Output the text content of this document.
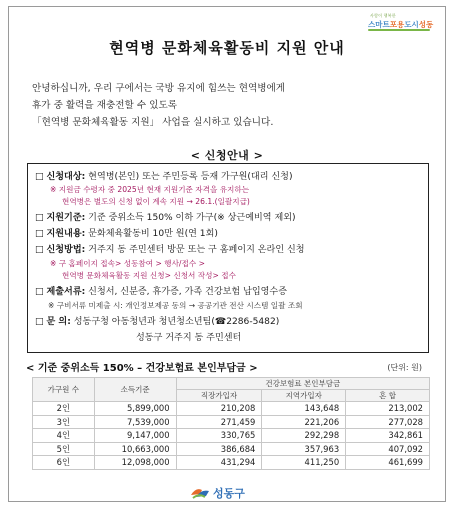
사람이 행복한
스마트포용도시성동
현역병 문화체육활동비 지원 안내

안녕하십니까, 우리 구에서는 국방 유지에 힘쓰는 현역병에게

휴가 중 활력을 재충전할 수 있도록

「현역병 문화체육활동 지원」 사업을 실시하고 있습니다.

< 신청안내 >
□ 신청대상: 현역병(본인) 또는 주민등록 등재 가구원(대리 신청)
※ 지원금 수령자 중 2025년 현재 지원기준 자격을 유지하는
현역병은 별도의 신청 없이 계속 지원 → 26.1.(일괄지급)
□ 지원기준: 기준 중위소득 150% 이하 가구(※ 상근예비역 제외)
□ 지원내용: 문화체육활동비 10만 원(연 1회)
□ 신청방법: 거주지 동 주민센터 방문 또는 구 홈페이지 온라인 신청
※ 구 홈페이지 접속> 성동참여 > 행사/접수 >
현역병 문화체육활동 지원 신청> 신청서 작성> 접수
□ 제출서류: 신청서, 신분증, 휴가증, 가족 건강보험 납입영수증
※ 구비서류 미제출 시: 개인정보제공 동의 → 공공기관 전산 시스템 일괄 조회
□ 문 의: 성동구청 아동청년과 청년청소년팀(☎2286-5482)
성동구 거주지 동 주민센터
< 기준 중위소득 150% – 건강보험료 본인부담금 >	(단위: 원)
가구원 수	소득기준	건강보험료 본인부담금		
		직장가입자	지역가입자	혼 합
2인	5,899,000	210,208	143,648	213,002
3인	7,539,000	271,459	221,206	277,028
4인	9,147,000	330,765	292,298	342,861
5인	10,663,000	386,684	357,963	407,092
6인	12,098,000	431,294	411,250	461,699
성동구
